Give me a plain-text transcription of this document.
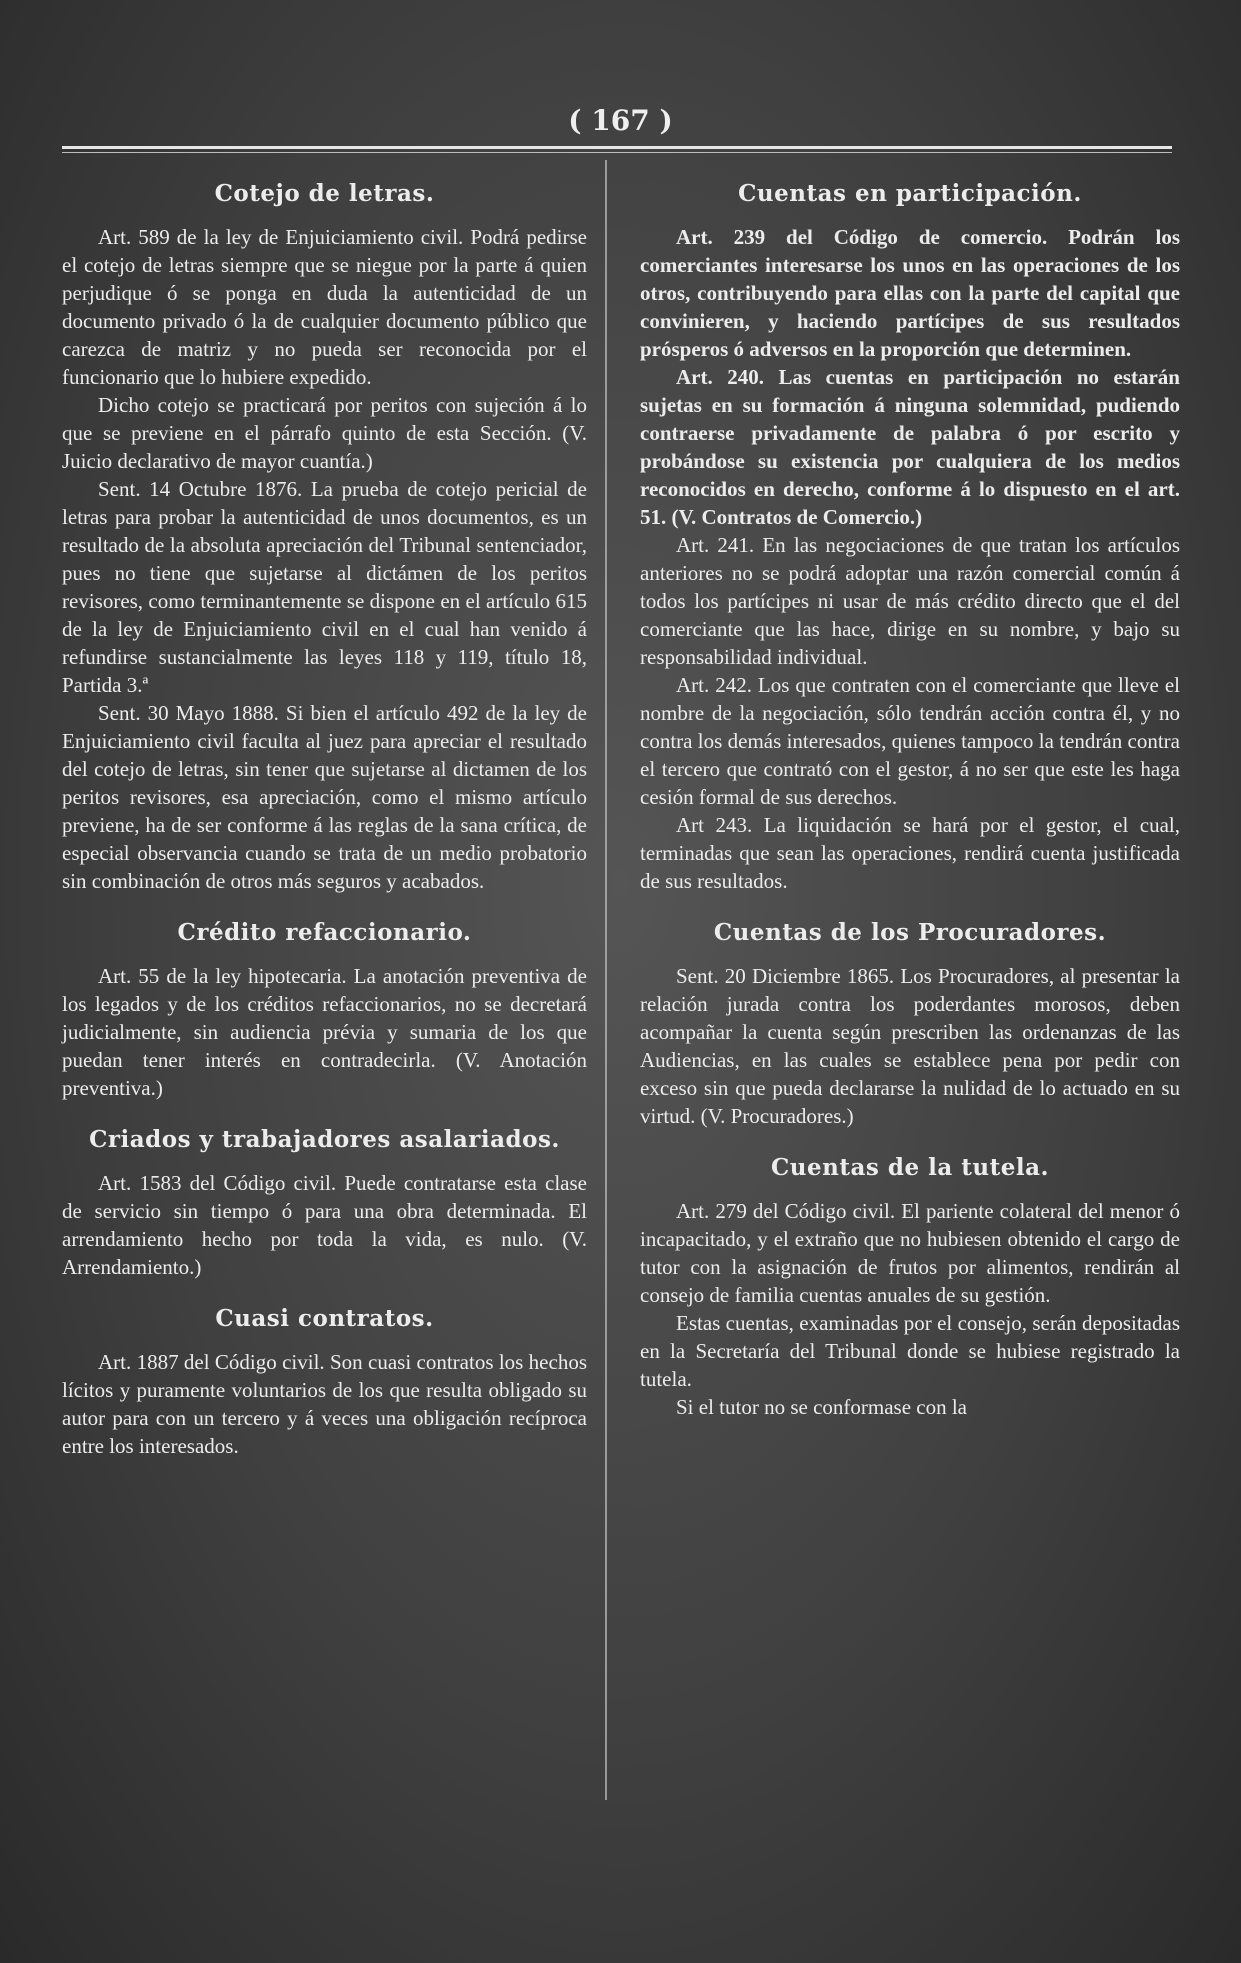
( 167 )
Cotejo de letras.

Art. 589 de la ley de Enjuiciamiento civil. Podrá pedirse el cotejo de letras siempre que se niegue por la parte á quien perjudique ó se ponga en duda la autenticidad de un documento privado ó la de cualquier documento público que carezca de matriz y no pueda ser reconocida por el funcionario que lo hubiere expedido.

Dicho cotejo se practicará por peritos con sujeción á lo que se previene en el párrafo quinto de esta Sección. (V. Juicio declarativo de mayor cuantía.)

Sent. 14 Octubre 1876. La prueba de cotejo pericial de letras para probar la autenticidad de unos documentos, es un resultado de la absoluta apreciación del Tribunal sentenciador, pues no tiene que sujetarse al dictámen de los peritos revisores, como terminantemente se dispone en el artículo 615 de la ley de Enjuiciamiento civil en el cual han venido á refundirse sustancialmente las leyes 118 y 119, título 18, Partida 3.ª

Sent. 30 Mayo 1888. Si bien el artículo 492 de la ley de Enjuiciamiento civil faculta al juez para apreciar el resultado del cotejo de letras, sin tener que sujetarse al dictamen de los peritos revisores, esa apreciación, como el mismo artículo previene, ha de ser conforme á las reglas de la sana crítica, de especial observancia cuando se trata de un medio probatorio sin combinación de otros más seguros y acabados.

Crédito refaccionario.

Art. 55 de la ley hipotecaria. La anotación preventiva de los legados y de los créditos refaccionarios, no se decretará judicialmente, sin audiencia prévia y sumaria de los que puedan tener interés en contradecirla. (V. Anotación preventiva.)

Criados y trabajadores asalariados.

Art. 1583 del Código civil. Puede contratarse esta clase de servicio sin tiempo ó para una obra determinada. El arrendamiento hecho por toda la vida, es nulo. (V. Arrendamiento.)

Cuasi contratos.

Art. 1887 del Código civil. Son cuasi contratos los hechos lícitos y puramente voluntarios de los que resulta obligado su autor para con un tercero y á veces una obligación recíproca entre los interesados.

Cuentas en participación.

Art. 239 del Código de comercio. Podrán los comerciantes interesarse los unos en las operaciones de los otros, contribuyendo para ellas con la parte del capital que convinieren, y haciendo partícipes de sus resultados prósperos ó adversos en la proporción que determinen.

Art. 240. Las cuentas en participación no estarán sujetas en su formación á ninguna solemnidad, pudiendo contraerse privadamente de palabra ó por escrito y probándose su existencia por cualquiera de los medios reconocidos en derecho, conforme á lo dispuesto en el art. 51. (V. Contratos de Comercio.)

Art. 241. En las negociaciones de que tratan los artículos anteriores no se podrá adoptar una razón comercial común á todos los partícipes ni usar de más crédito directo que el del comerciante que las hace, dirige en su nombre, y bajo su responsabilidad individual.

Art. 242. Los que contraten con el comerciante que lleve el nombre de la negociación, sólo tendrán acción contra él, y no contra los demás interesados, quienes tampoco la tendrán contra el tercero que contrató con el gestor, á no ser que este les haga cesión formal de sus derechos.

Art 243. La liquidación se hará por el gestor, el cual, terminadas que sean las operaciones, rendirá cuenta justificada de sus resultados.

Cuentas de los Procuradores.

Sent. 20 Diciembre 1865. Los Procuradores, al presentar la relación jurada contra los poderdantes morosos, deben acompañar la cuenta según prescriben las ordenanzas de las Audiencias, en las cuales se establece pena por pedir con exceso sin que pueda declararse la nulidad de lo actuado en su virtud. (V. Procuradores.)

Cuentas de la tutela.

Art. 279 del Código civil. El pariente colateral del menor ó incapacitado, y el extraño que no hubiesen obtenido el cargo de tutor con la asignación de frutos por alimentos, rendirán al consejo de familia cuentas anuales de su gestión.

Estas cuentas, examinadas por el consejo, serán depositadas en la Secretaría del Tribunal donde se hubiese registrado la tutela.

Si el tutor no se conformase con la
